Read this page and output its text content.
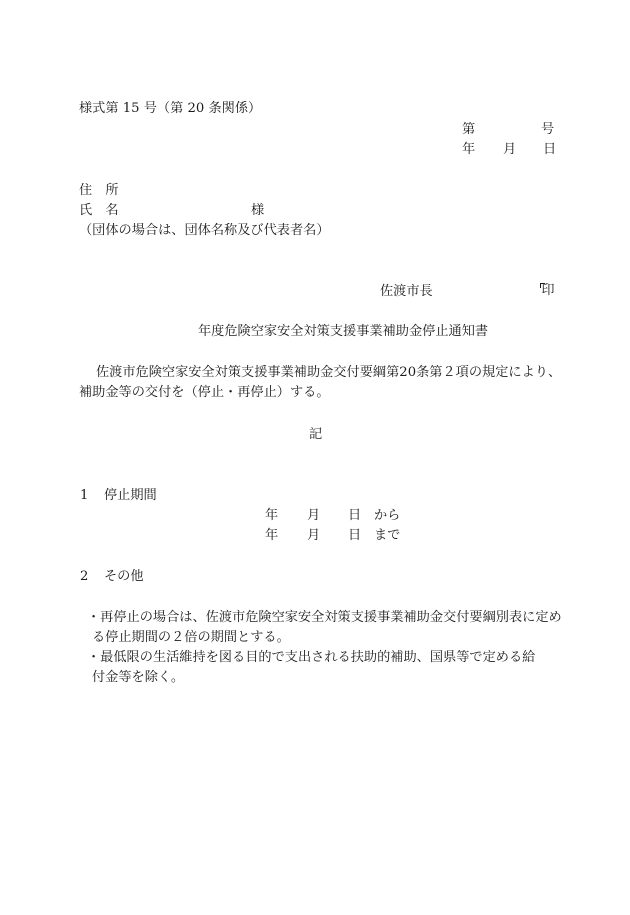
様式第 15 号（第 20 条関係）
第	号
年 月 日
住　所
氏　名	様
（団体の場合は、団体名称及び代表者名）
佐渡市長	印
年度危険空家安全対策支援事業補助金停止通知書
佐渡市危険空家安全対策支援事業補助金交付要綱第20条第２項の規定により、
補助金等の交付を（停止・再停止）する。
記
1 停止期間
年 月 日 から
年 月 日 まで
2 その他
・再停止の場合は、佐渡市危険空家安全対策支援事業補助金交付要綱別表に定め
る停止期間の２倍の期間とする。
・最低限の生活維持を図る目的で支出される扶助的補助、国県等で定める給
付金等を除く。
